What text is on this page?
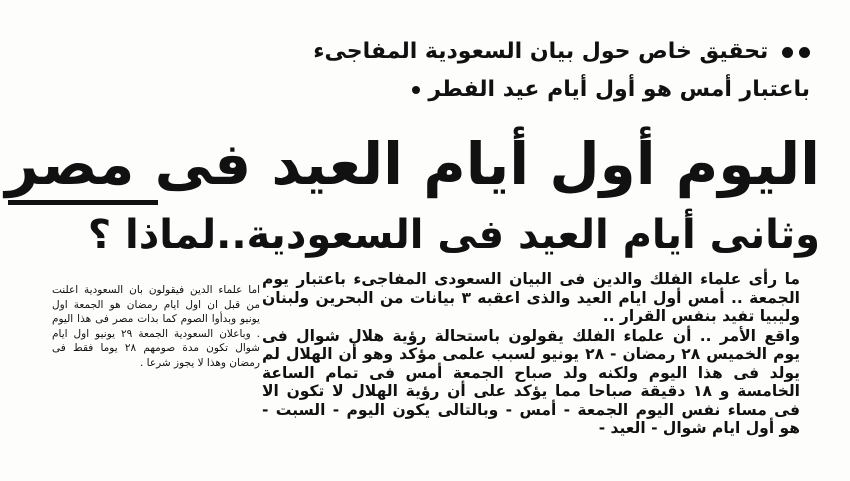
تحقيق خاص حول بيان السعودية المفاجىء
باعتبار أمس هو أول أيام عيد الفطر
اليوم أول أيام العيد فى مصر
وثانى أيام العيد فى السعودية..لماذا ؟

ما رأى علماء الفلك والدين فى البيان السعودى المفاجىء باعتبار يوم الجمعة .. أمس أول ايام العيد والذى اعقبه ٣ بيانات من البحرين ولبنان وليبيا تفيد بنفس القرار ..

واقع الأمر .. أن علماء الفلك يقولون باستحالة رؤية هلال شوال فى يوم الخميس ٢٨ رمضان - ٢٨ يونيو لسبب علمى مؤكد وهو أن الهلال لم يولد فى هذا اليوم ولكنه ولد صباح الجمعة أمس فى تمام الساعة الخامسة و ١٨ دقيقة صباحا مما يؤكد على أن رؤية الهلال لا تكون الا فى مساء نفس اليوم الجمعة - أمس - وبالتالى يكون اليوم - السبت - هو أول ايام شوال - العيد -

اما علماء الدين فيقولون بان السعودية اعلنت من قبل ان اول ايام رمضان هو الجمعة اول يونيو وبدأوا الصوم كما بدات مصر فى هذا اليوم . وباعلان السعودية الجمعة ٢٩ يونيو اول ايام شوال تكون مدة صومهم ٢٨ يوما فقط فى رمضان وهذا لا يجوز شرعا .
